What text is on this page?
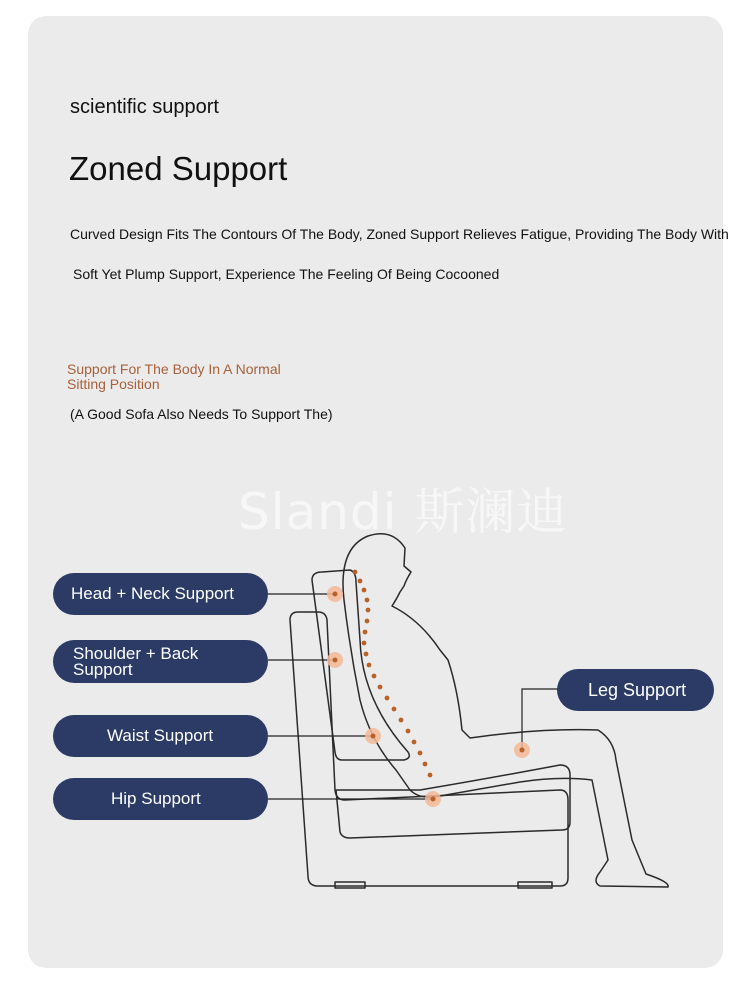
scientific support
Zoned Support
Curved Design Fits The Contours Of The Body, Zoned Support Relieves Fatigue, Providing The Body With
Soft Yet Plump Support, Experience The Feeling Of Being Cocooned
Support For The Body In A Normal Sitting Position
(A Good Sofa Also Needs To Support The)
Slandi 斯澜迪
Head + Neck Support
Shoulder + Back Support
Waist Support
Hip Support
Leg Support
